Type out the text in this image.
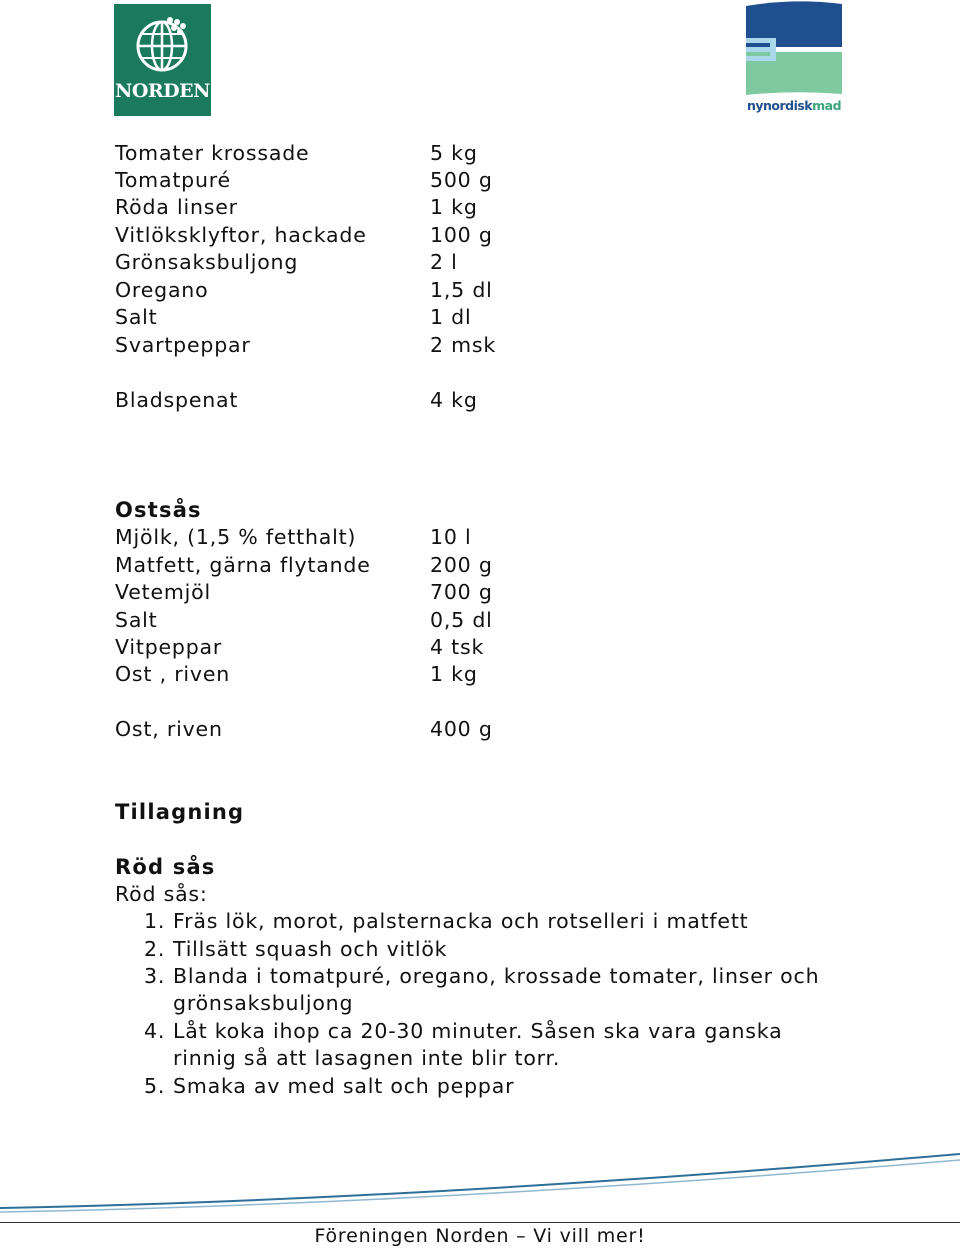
NORDEN
nynordiskmad
Tomater krossade	5 kg
Tomatpuré	500 g
Röda linser	1 kg
Vitlöksklyftor, hackade	100 g
Grönsaksbuljong	2 l
Oregano	1,5 dl
Salt	1 dl
Svartpeppar	2 msk
Bladspenat	4 kg
Ostsås
Mjölk, (1,5 % fetthalt)	10 l
Matfett, gärna flytande	200 g
Vetemjöl	700 g
Salt	0,5 dl
Vitpeppar	4 tsk
Ost , riven	1 kg
Ost, riven	400 g
Tillagning
Röd sås
Röd sås:
1. Fräs lök, morot, palsternacka och rotselleri i matfett
2. Tillsätt squash och vitlök
3. Blanda i tomatpuré, oregano, krossade tomater, linser och
grönsaksbuljong
4. Låt koka ihop ca 20-30 minuter. Såsen ska vara ganska
rinnig så att lasagnen inte blir torr.
5. Smaka av med salt och peppar
Föreningen Norden – Vi vill mer!
